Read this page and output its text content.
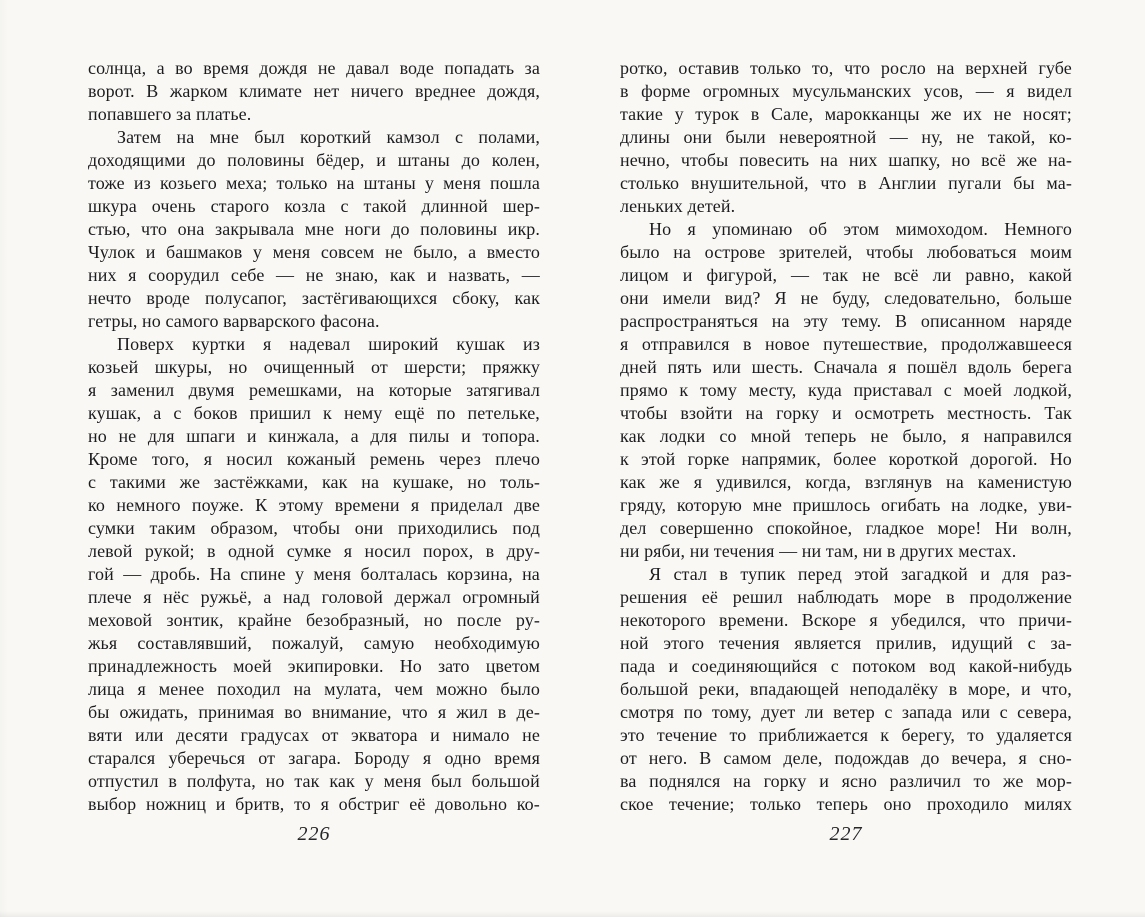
солнца, а во время дождя не давал воде попадать за
ворот. В жарком климате нет ничего вреднее дождя,
попавшего за платье.
Затем на мне был короткий камзол с полами,
доходящими до половины бёдер, и штаны до колен,
тоже из козьего меха; только на штаны у меня пошла
шкура очень старого козла с такой длинной шер-
стью, что она закрывала мне ноги до половины икр.
Чулок и башмаков у меня совсем не было, а вместо
них я соорудил себе — не знаю, как и назвать, —
нечто вроде полусапог, застёгивающихся сбоку, как
гетры, но самого варварского фасона.
Поверх куртки я надевал широкий кушак из
козьей шкуры, но очищенный от шерсти; пряжку
я заменил двумя ремешками, на которые затягивал
кушак, а с боков пришил к нему ещё по петельке,
но не для шпаги и кинжала, а для пилы и топора.
Кроме того, я носил кожаный ремень через плечо
с такими же застёжками, как на кушаке, но толь-
ко немного поуже. К этому времени я приделал две
сумки таким образом, чтобы они приходились под
левой рукой; в одной сумке я носил порох, в дру-
гой — дробь. На спине у меня болталась корзина, на
плече я нёс ружьё, а над головой держал огромный
меховой зонтик, крайне безобразный, но после ру-
жья составлявший, пожалуй, самую необходимую
принадлежность моей экипировки. Но зато цветом
лица я менее походил на мулата, чем можно было
бы ожидать, принимая во внимание, что я жил в де-
вяти или десяти градусах от экватора и нимало не
старался уберечься от загара. Бороду я одно время
отпустил в полфута, но так как у меня был большой
выбор ножниц и бритв, то я обстриг её довольно ко-
226
ротко, оставив только то, что росло на верхней губе
в форме огромных мусульманских усов, — я видел
такие у турок в Сале, марокканцы же их не носят;
длины они были невероятной — ну, не такой, ко-
нечно, чтобы повесить на них шапку, но всё же на-
столько внушительной, что в Англии пугали бы ма-
леньких детей.
Но я упоминаю об этом мимоходом. Немного
было на острове зрителей, чтобы любоваться моим
лицом и фигурой, — так не всё ли равно, какой
они имели вид? Я не буду, следовательно, больше
распространяться на эту тему. В описанном наряде
я отправился в новое путешествие, продолжавшееся
дней пять или шесть. Сначала я пошёл вдоль берега
прямо к тому месту, куда приставал с моей лодкой,
чтобы взойти на горку и осмотреть местность. Так
как лодки со мной теперь не было, я направился
к этой горке напрямик, более короткой дорогой. Но
как же я удивился, когда, взглянув на каменистую
гряду, которую мне пришлось огибать на лодке, уви-
дел совершенно спокойное, гладкое море! Ни волн,
ни ряби, ни течения — ни там, ни в других местах.
Я стал в тупик перед этой загадкой и для раз-
решения её решил наблюдать море в продолжение
некоторого времени. Вскоре я убедился, что причи-
ной этого течения является прилив, идущий с за-
пада и соединяющийся с потоком вод какой-нибудь
большой реки, впадающей неподалёку в море, и что,
смотря по тому, дует ли ветер с запада или с севера,
это течение то приближается к берегу, то удаляется
от него. В самом деле, подождав до вечера, я сно-
ва поднялся на горку и ясно различил то же мор-
ское течение; только теперь оно проходило милях
227
